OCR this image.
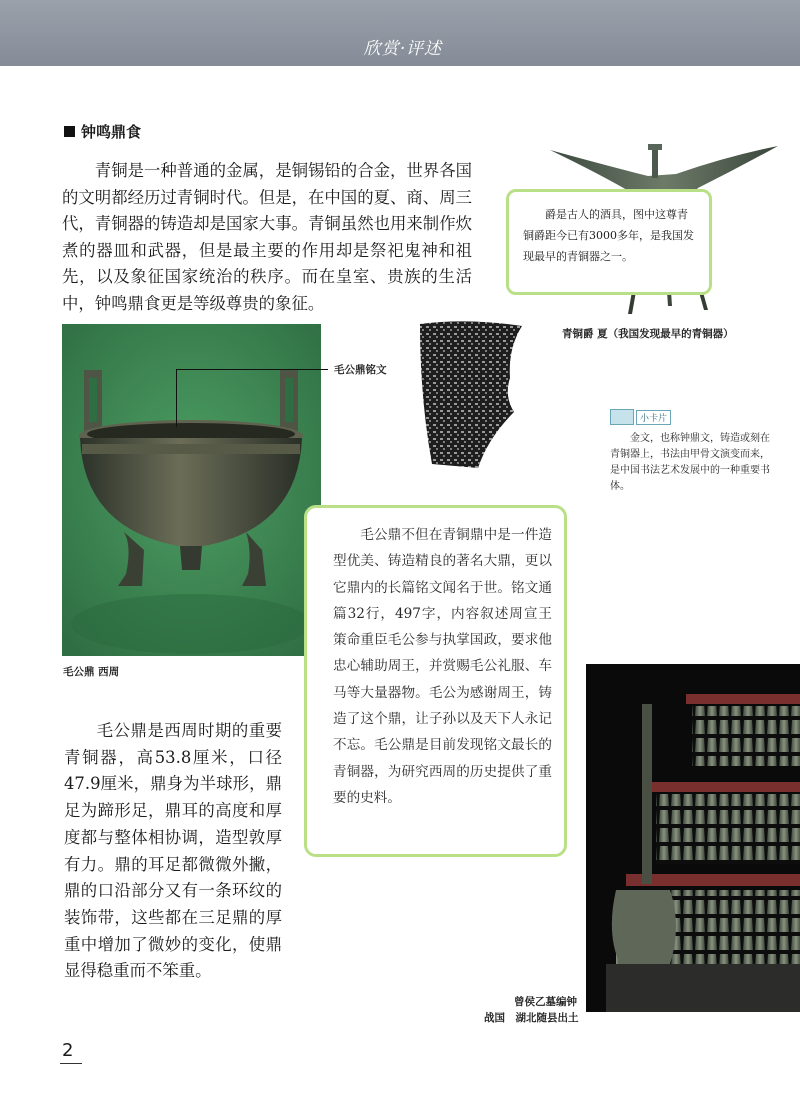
欣赏·评述
钟鸣鼎食

青铜是一种普通的金属，是铜锡铅的合金，世界各国的文明都经历过青铜时代。但是，在中国的夏、商、周三代，青铜器的铸造却是国家大事。青铜虽然也用来制作炊煮的器皿和武器，但是最主要的作用却是祭祀鬼神和祖先，以及象征国家统治的秩序。而在皇室、贵族的生活中，钟鸣鼎食更是等级尊贵的象征。

爵是古人的酒具，图中这尊青铜爵距今已有3000多年，是我国发现最早的青铜器之一。

青铜爵 夏（我国发现最早的青铜器）
毛公鼎铭文
毛公鼎 西周
小卡片

金文，也称钟鼎文，铸造或刻在青铜器上，书法由甲骨文演变而来，是中国书法艺术发展中的一种重要书体。

毛公鼎是西周时期的重要青铜器，高53.8厘米，口径47.9厘米，鼎身为半球形，鼎足为蹄形足，鼎耳的高度和厚度都与整体相协调，造型敦厚有力。鼎的耳足都微微外撇，鼎的口沿部分又有一条环纹的装饰带，这些都在三足鼎的厚重中增加了微妙的变化，使鼎显得稳重而不笨重。

毛公鼎不但在青铜鼎中是一件造型优美、铸造精良的著名大鼎，更以它鼎内的长篇铭文闻名于世。铭文通篇32行，497字，内容叙述周宣王策命重臣毛公参与执掌国政，要求他忠心辅助周王，并赏赐毛公礼服、车马等大量器物。毛公为感谢周王，铸造了这个鼎，让子孙以及天下人永记不忘。毛公鼎是目前发现铭文最长的青铜器，为研究西周的历史提供了重要的史料。

曾侯乙墓编钟
战国　湖北随县出土
2
